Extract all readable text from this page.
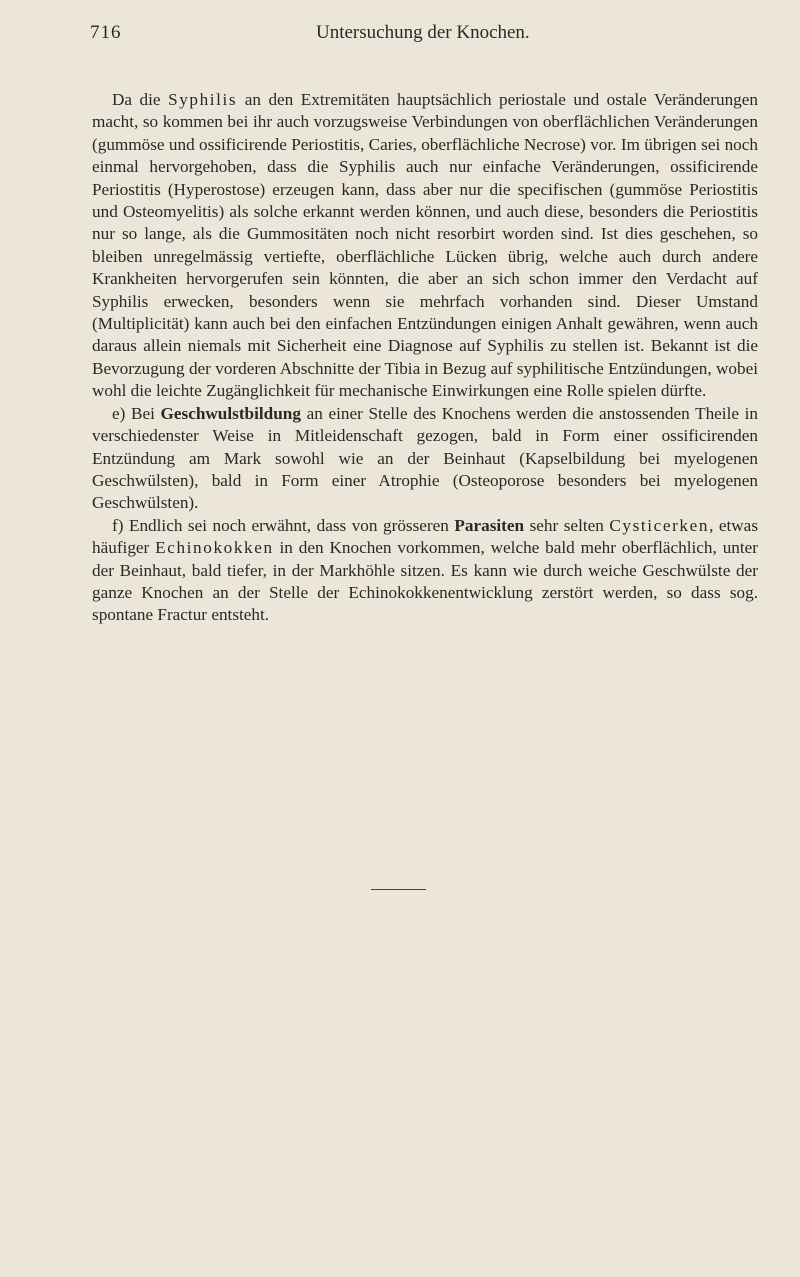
716	Untersuchung der Knochen.

Da die Syphilis an den Extremitäten hauptsächlich periostale und ostale Veränderungen macht, so kommen bei ihr auch vorzugsweise Verbindungen von oberflächlichen Veränderungen (gummöse und ossificirende Periostitis, Caries, oberflächliche Necrose) vor. Im übrigen sei noch einmal hervorgehoben, dass die Syphilis auch nur einfache Veränderungen, ossificirende Periostitis (Hyperostose) erzeugen kann, dass aber nur die specifischen (gummöse Periostitis und Osteomyelitis) als solche erkannt werden können, und auch diese, besonders die Periostitis nur so lange, als die Gummositäten noch nicht resorbirt worden sind. Ist dies geschehen, so bleiben unregelmässig vertiefte, oberflächliche Lücken übrig, welche auch durch andere Krankheiten hervorgerufen sein könnten, die aber an sich schon immer den Verdacht auf Syphilis erwecken, besonders wenn sie mehrfach vorhanden sind. Dieser Umstand (Multiplicität) kann auch bei den einfachen Entzündungen einigen Anhalt gewähren, wenn auch daraus allein niemals mit Sicherheit eine Diagnose auf Syphilis zu stellen ist. Bekannt ist die Bevorzugung der vorderen Abschnitte der Tibia in Bezug auf syphilitische Entzündungen, wobei wohl die leichte Zugänglichkeit für mechanische Einwirkungen eine Rolle spielen dürfte.

e) Bei Geschwulstbildung an einer Stelle des Knochens werden die anstossenden Theile in verschiedenster Weise in Mitleidenschaft gezogen, bald in Form einer ossificirenden Entzündung am Mark sowohl wie an der Beinhaut (Kapselbildung bei myelogenen Geschwülsten), bald in Form einer Atrophie (Osteoporose besonders bei myelogenen Geschwülsten).

f) Endlich sei noch erwähnt, dass von grösseren Parasiten sehr selten Cysticerken, etwas häufiger Echinokokken in den Knochen vorkommen, welche bald mehr oberflächlich, unter der Beinhaut, bald tiefer, in der Markhöhle sitzen. Es kann wie durch weiche Geschwülste der ganze Knochen an der Stelle der Echinokokkenentwicklung zerstört werden, so dass sog. spontane Fractur entsteht.
